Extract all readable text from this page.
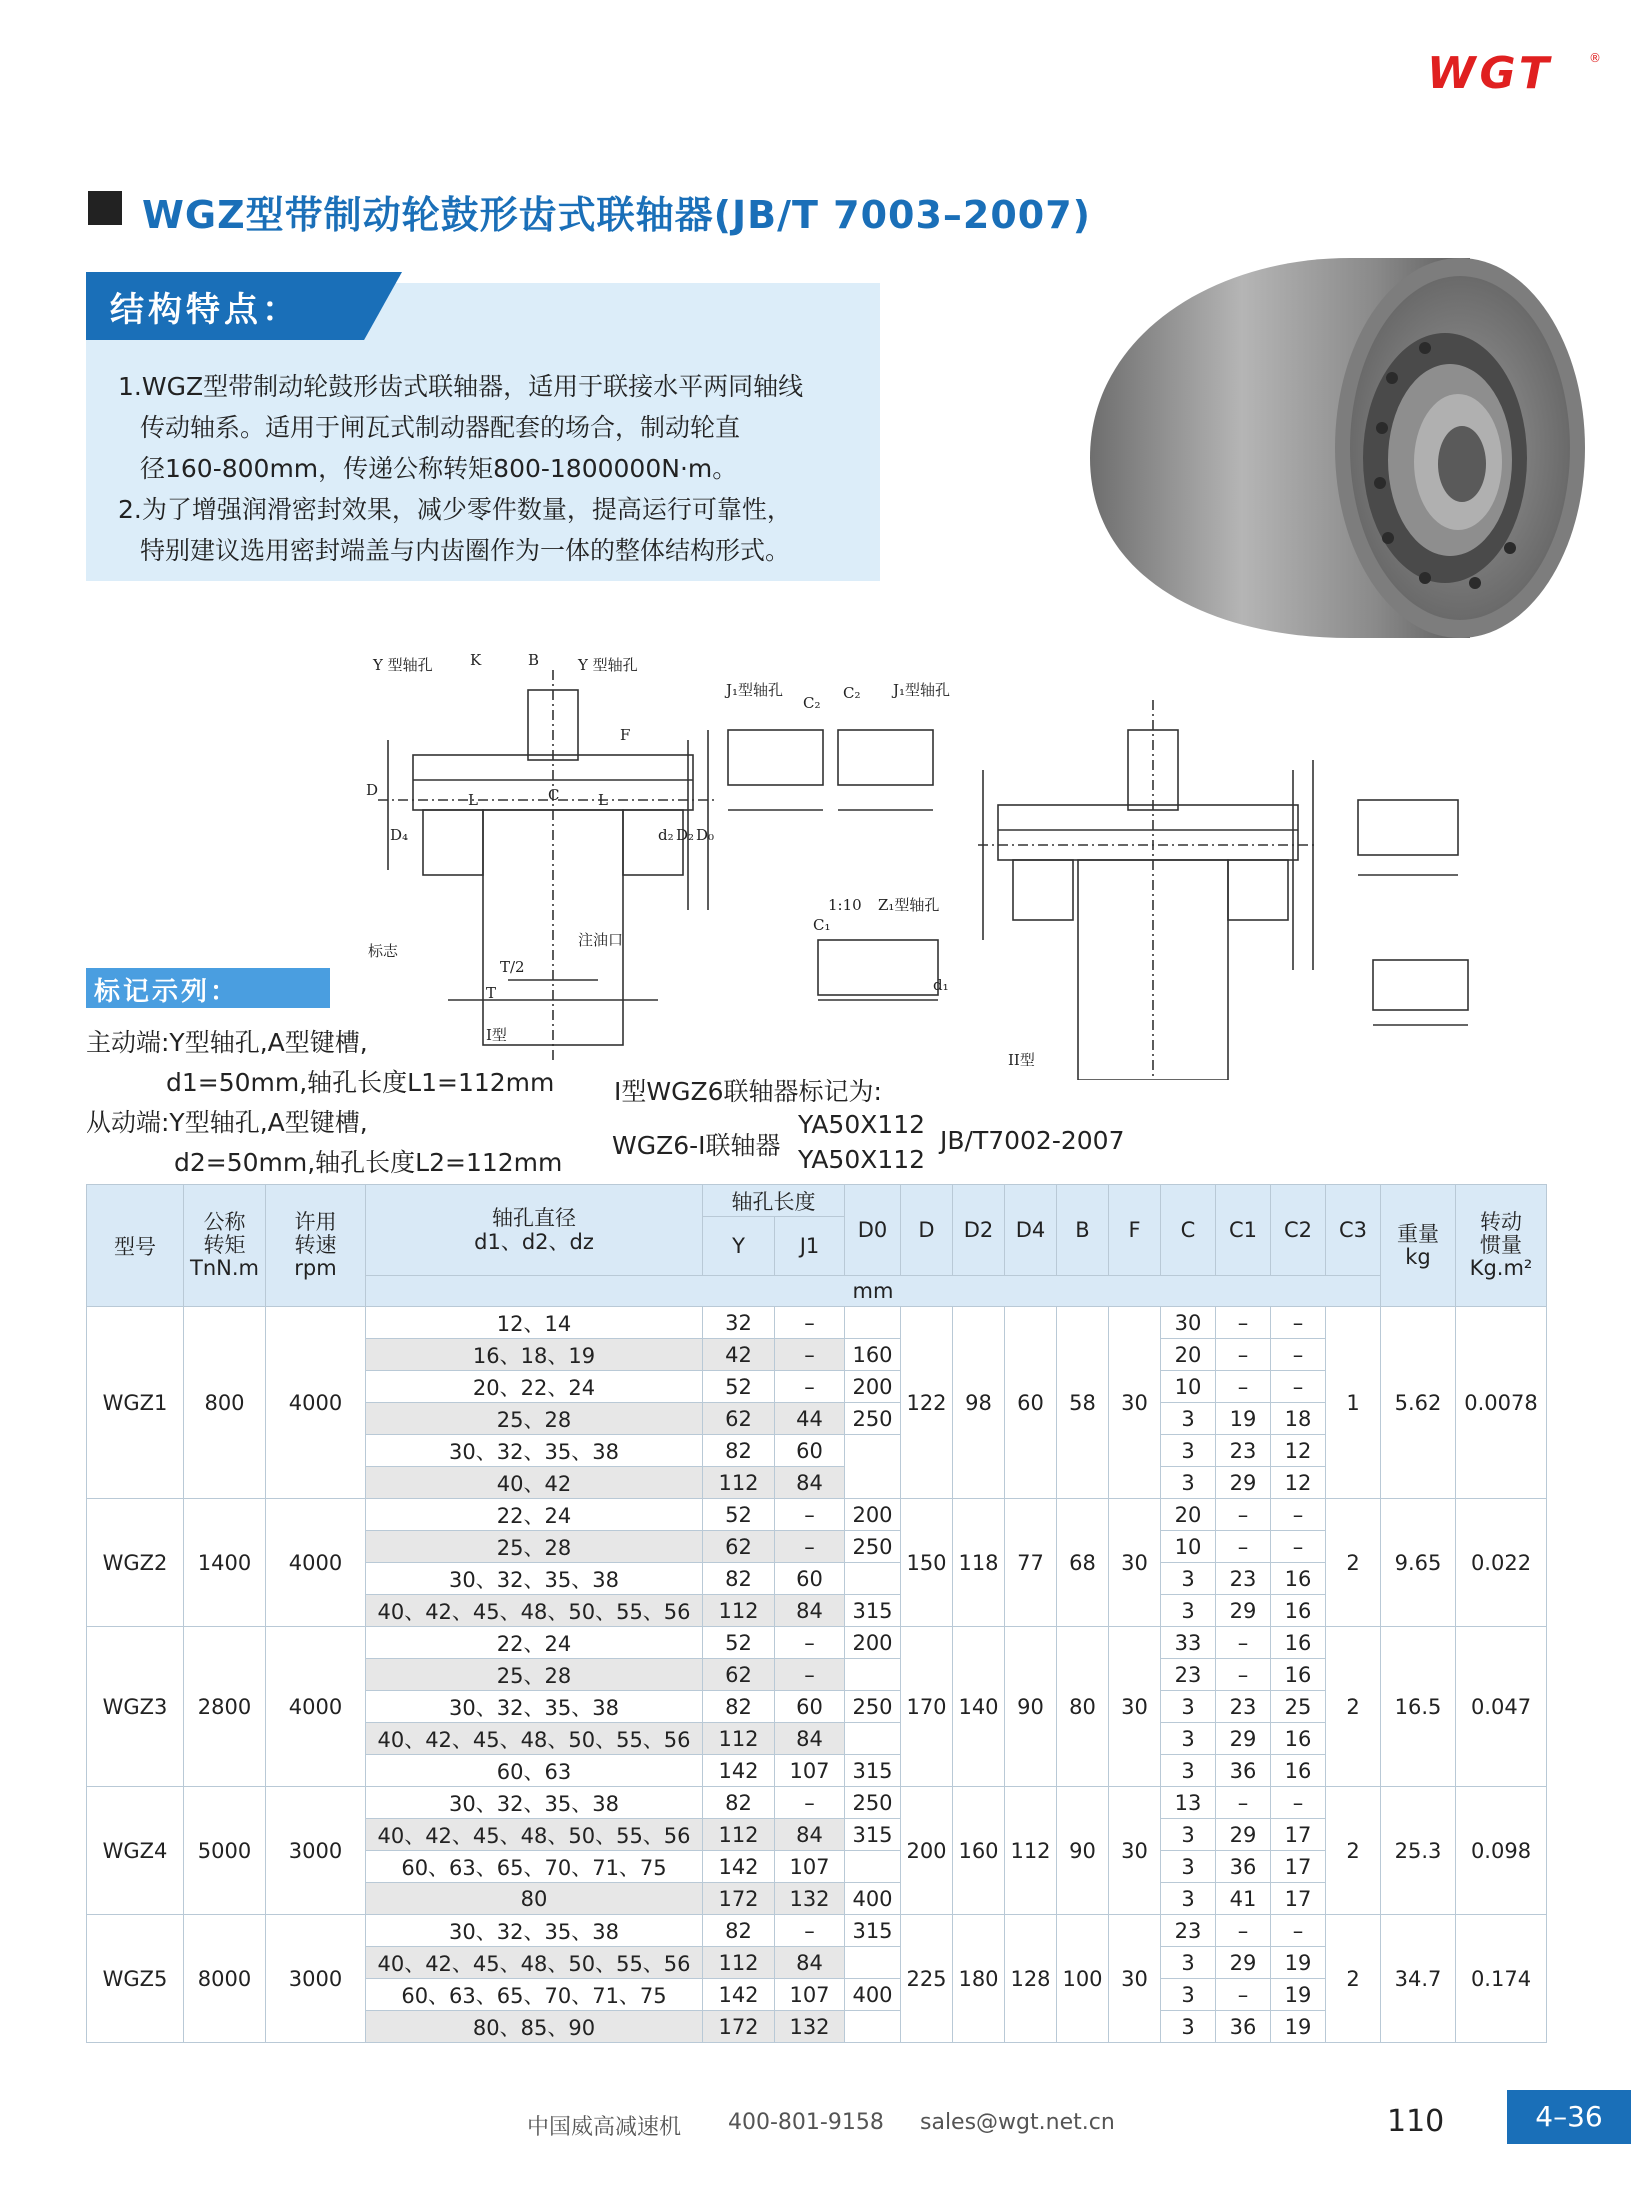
WGT	®
WGZ型带制动轮鼓形齿式联轴器(JB/T 7003–2007)
结构特点：

1.WGZ型带制动轮鼓形齿式联轴器，适用于联接水平两同轴线

传动轴系。适用于闸瓦式制动器配套的场合，制动轮直

径160-800mm，传递公称转矩800-1800000N·m。

2.为了增强润滑密封效果，减少零件数量，提高运行可靠性，

特别建议选用密封端盖与内齿圈作为一体的整体结构形式。

Y 型轴孔 K	B	Y 型轴孔
J₁型轴孔
C₂
C₂ J₁型轴孔
F
D
D₄
L	C	L
d₂ D₂ D₀
标志
注油口
T/2
T
I型
1:10 Z₁型轴孔
C₁
d₁
II型
标记示列：
主动端:Y型轴孔,A型键槽,
d1=50mm,轴孔长度L1=112mm
从动端:Y型轴孔,A型键槽,
d2=50mm,轴孔长度L2=112mm
I型WGZ6联轴器标记为:
WGZ6-I联轴器
YA50X112
YA50X112
JB/T7002-2007
型号	公称
转矩
TnN.m	许用
转速
rpm	轴孔直径
d1、d2、dz	轴孔长度		D0	D	D2	D4	B	F	C	C1	C2	C3	重量
kg	转动
惯量
Kg.m²
				Y	J1												
			mm														
WGZ1	800	4000	12、14	32	–		122	98	60	58	30	30	–	–	1	5.62	0.0078
			16、18、19	42	–	160						20	–	–			
			20、22、24	52	–	200						10	–	–			
			25、28	62	44	250						3	19	18			
			30、32、35、38	82	60							3	23	12			
			40、42	112	84							3	29	12			
WGZ2	1400	4000	22、24	52	–	200	150	118	77	68	30	20	–	–	2	9.65	0.022
			25、28	62	–	250						10	–	–			
			30、32、35、38	82	60							3	23	16			
			40、42、45、48、50、55、56	112	84	315						3	29	16			
WGZ3	2800	4000	22、24	52	–	200	170	140	90	80	30	33	–	16	2	16.5	0.047
			25、28	62	–							23	–	16			
			30、32、35、38	82	60	250						3	23	25			
			40、42、45、48、50、55、56	112	84							3	29	16			
			60、63	142	107	315						3	36	16			
WGZ4	5000	3000	30、32、35、38	82	–	250	200	160	112	90	30	13	–	–	2	25.3	0.098
			40、42、45、48、50、55、56	112	84	315						3	29	17			
			60、63、65、70、71、75	142	107							3	36	17			
			80	172	132	400						3	41	17			
WGZ5	8000	3000	30、32、35、38	82	–	315	225	180	128	100	30	23	–	–	2	34.7	0.174
			40、42、45、48、50、55、56	112	84							3	29	19			
			60、63、65、70、71、75	142	107	400						3	–	19			
			80、85、90	172	132							3	36	19			
中国威高减速机 400-801-9158 sales@wgt.net.cn	110	4–36
